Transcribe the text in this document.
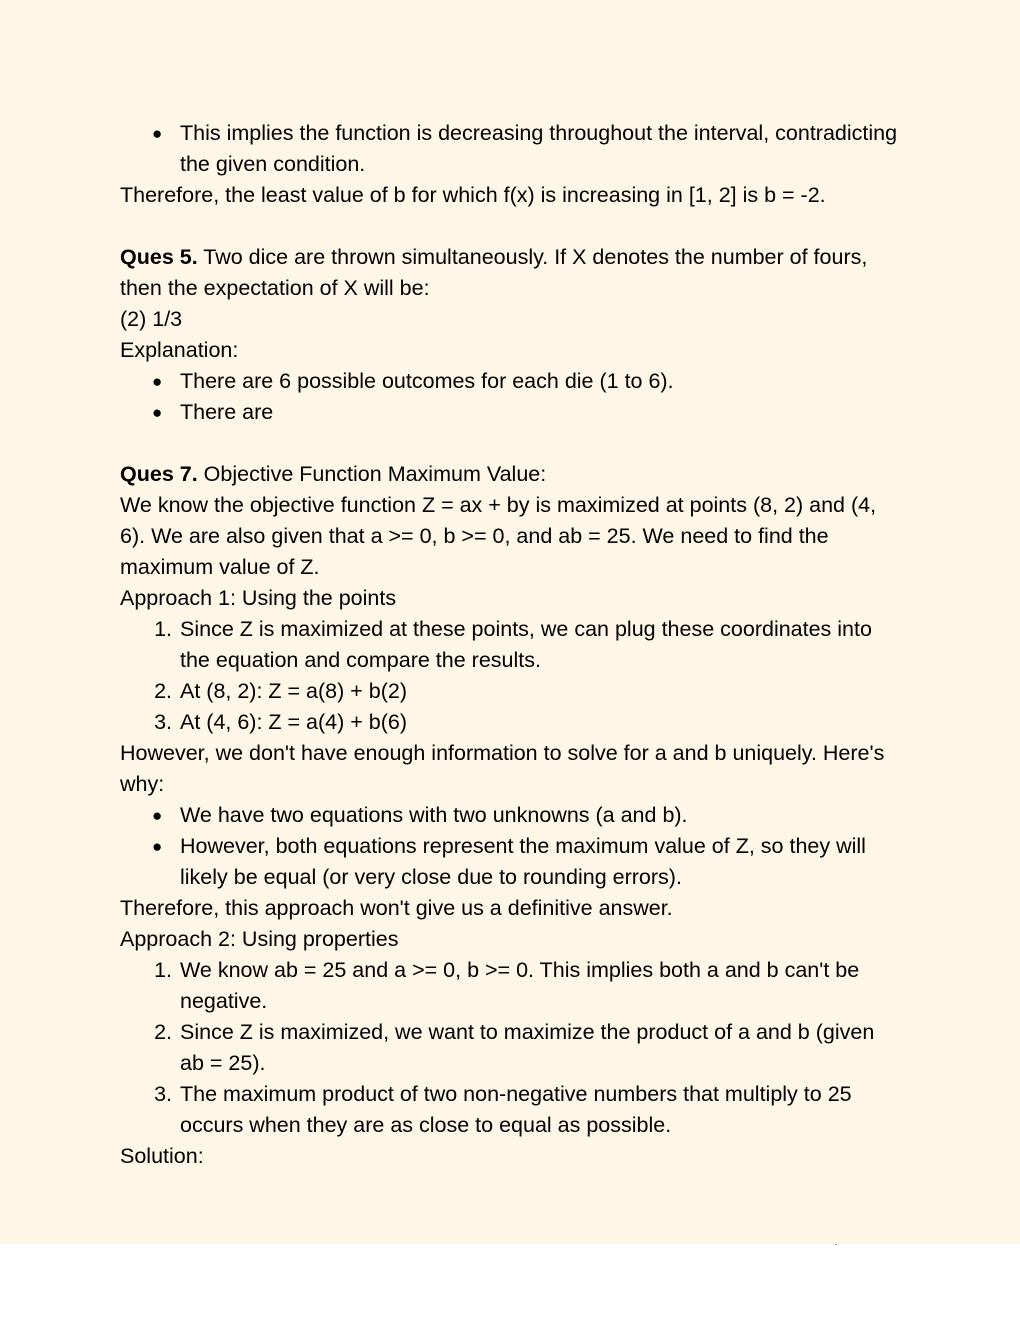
● This implies the function is decreasing throughout the interval, contradicting the given condition.

Therefore, the least value of b for which f(x) is increasing in [1, 2] is b = -2.

Ques 5. Two dice are thrown simultaneously. If X denotes the number of fours, then the expectation of X will be:

(2) 1/3

Explanation:

● There are 6 possible outcomes for each die (1 to 6).

● There are

Ques 7. Objective Function Maximum Value:

We know the objective function Z = ax + by is maximized at points (8, 2) and (4, 6). We are also given that a >= 0, b >= 0, and ab = 25. We need to find the maximum value of Z.

Approach 1: Using the points

1. Since Z is maximized at these points, we can plug these coordinates into the equation and compare the results.

2. At (8, 2): Z = a(8) + b(2)

3. At (4, 6): Z = a(4) + b(6)

However, we don't have enough information to solve for a and b uniquely. Here's why:

● We have two equations with two unknowns (a and b).

● However, both equations represent the maximum value of Z, so they will likely be equal (or very close due to rounding errors).

Therefore, this approach won't give us a definitive answer.

Approach 2: Using properties

1. We know ab = 25 and a >= 0, b >= 0. This implies both a and b can't be negative.

2. Since Z is maximized, we want to maximize the product of a and b (given ab = 25).

3. The maximum product of two non-negative numbers that multiply to 25 occurs when they are as close to equal as possible.

Solution:
